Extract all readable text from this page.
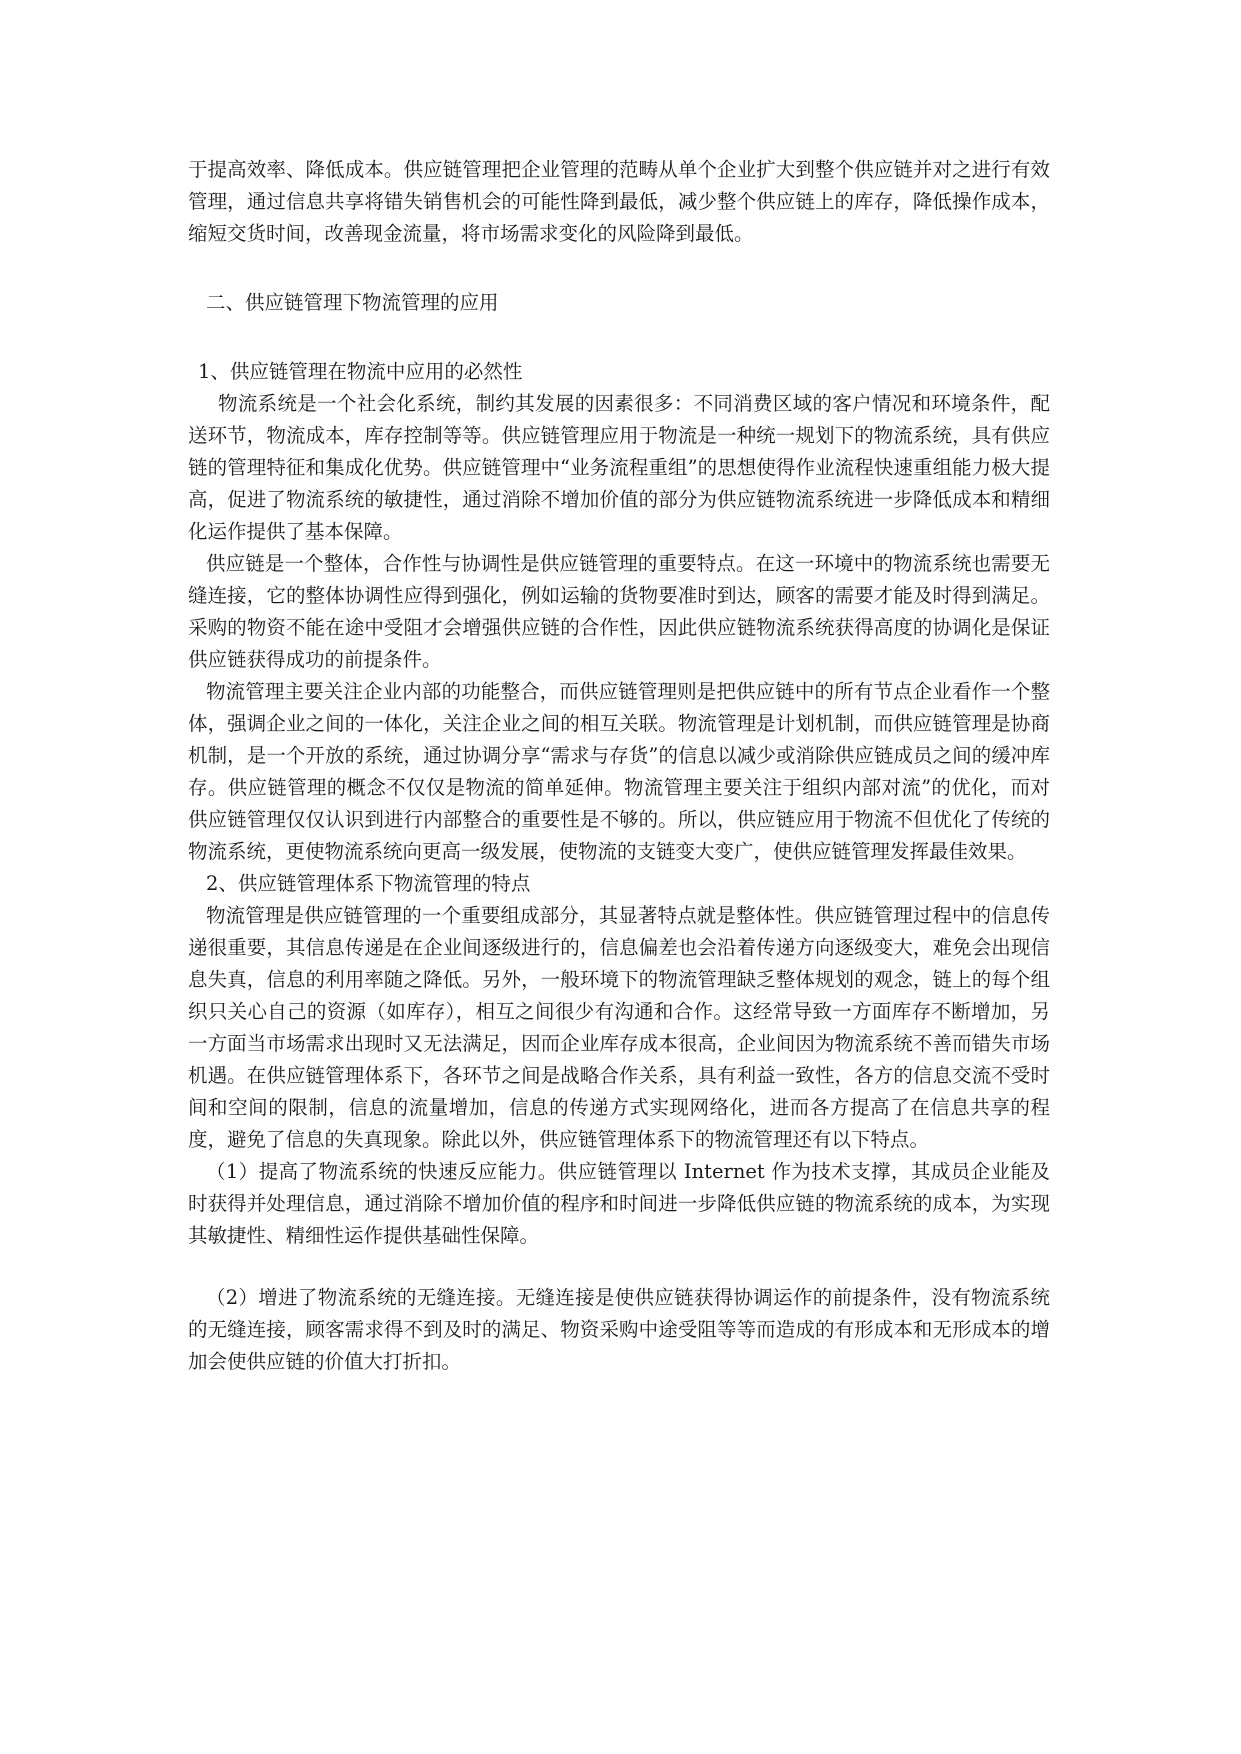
于提高效率、降低成本。供应链管理把企业管理的范畴从单个企业扩大到整个供应链并对之进行有效管理，通过信息共享将错失销售机会的可能性降到最低，减少整个供应链上的库存，降低操作成本，缩短交货时间，改善现金流量，将市场需求变化的风险降到最低。

二、供应链管理下物流管理的应用

1、供应链管理在物流中应用的必然性

物流系统是一个社会化系统，制约其发展的因素很多：不同消费区域的客户情况和环境条件，配送环节，物流成本，库存控制等等。供应链管理应用于物流是一种统一规划下的物流系统，具有供应链的管理特征和集成化优势。供应链管理中“业务流程重组”的思想使得作业流程快速重组能力极大提高，促进了物流系统的敏捷性，通过消除不增加价值的部分为供应链物流系统进一步降低成本和精细化运作提供了基本保障。

供应链是一个整体，合作性与协调性是供应链管理的重要特点。在这一环境中的物流系统也需要无缝连接，它的整体协调性应得到强化，例如运输的货物要准时到达，顾客的需要才能及时得到满足。采购的物资不能在途中受阻才会增强供应链的合作性，因此供应链物流系统获得高度的协调化是保证供应链获得成功的前提条件。

物流管理主要关注企业内部的功能整合，而供应链管理则是把供应链中的所有节点企业看作一个整体，强调企业之间的一体化，关注企业之间的相互关联。物流管理是计划机制，而供应链管理是协商机制，是一个开放的系统，通过协调分享“需求与存货”的信息以减少或消除供应链成员之间的缓冲库存。供应链管理的概念不仅仅是物流的简单延伸。物流管理主要关注于组织内部对流”的优化，而对供应链管理仅仅认识到进行内部整合的重要性是不够的。所以，供应链应用于物流不但优化了传统的物流系统，更使物流系统向更高一级发展，使物流的支链变大变广，使供应链管理发挥最佳效果。

2、供应链管理体系下物流管理的特点

物流管理是供应链管理的一个重要组成部分，其显著特点就是整体性。供应链管理过程中的信息传递很重要，其信息传递是在企业间逐级进行的，信息偏差也会沿着传递方向逐级变大，难免会出现信息失真，信息的利用率随之降低。另外，一般环境下的物流管理缺乏整体规划的观念，链上的每个组织只关心自己的资源（如库存），相互之间很少有沟通和合作。这经常导致一方面库存不断增加，另一方面当市场需求出现时又无法满足，因而企业库存成本很高，企业间因为物流系统不善而错失市场机遇。在供应链管理体系下，各环节之间是战略合作关系，具有利益一致性，各方的信息交流不受时间和空间的限制，信息的流量增加，信息的传递方式实现网络化，进而各方提高了在信息共享的程度，避免了信息的失真现象。除此以外，供应链管理体系下的物流管理还有以下特点。

（1）提高了物流系统的快速反应能力。供应链管理以 Internet 作为技术支撑，其成员企业能及时获得并处理信息，通过消除不增加价值的程序和时间进一步降低供应链的物流系统的成本，为实现其敏捷性、精细性运作提供基础性保障。

（2）增进了物流系统的无缝连接。无缝连接是使供应链获得协调运作的前提条件，没有物流系统的无缝连接，顾客需求得不到及时的满足、物资采购中途受阻等等而造成的有形成本和无形成本的增加会使供应链的价值大打折扣。
